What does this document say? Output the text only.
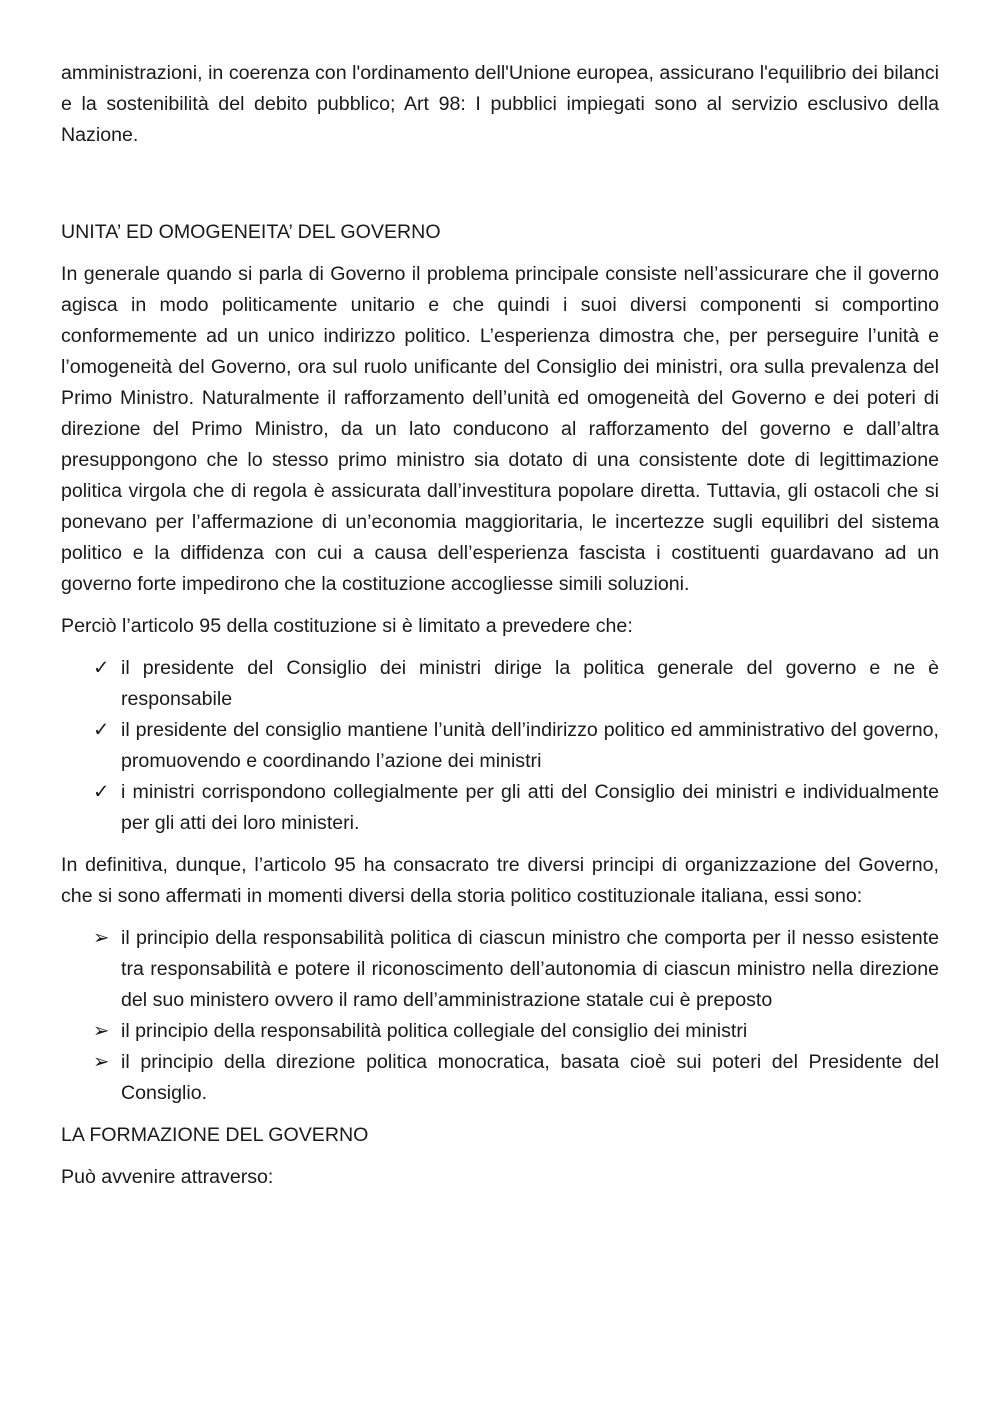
amministrazioni, in coerenza con l'ordinamento dell'Unione europea, assicurano l'equilibrio dei bilanci e la sostenibilità del debito pubblico; Art 98: I pubblici impiegati sono al servizio esclusivo della Nazione.

UNITA’ ED OMOGENEITA’ DEL GOVERNO

In generale quando si parla di Governo il problema principale consiste nell’assicurare che il governo agisca in modo politicamente unitario e che quindi i suoi diversi componenti si comportino conformemente ad un unico indirizzo politico. L’esperienza dimostra che, per perseguire l’unità e l’omogeneità del Governo, ora sul ruolo unificante del Consiglio dei ministri, ora sulla prevalenza del Primo Ministro. Naturalmente il rafforzamento dell’unità ed omogeneità del Governo e dei poteri di direzione del Primo Ministro, da un lato conducono al rafforzamento del governo e dall’altra presuppongono che lo stesso primo ministro sia dotato di una consistente dote di legittimazione politica virgola che di regola è assicurata dall’investitura popolare diretta. Tuttavia, gli ostacoli che si ponevano per l’affermazione di un’economia maggioritaria, le incertezze sugli equilibri del sistema politico e la diffidenza con cui a causa dell’esperienza fascista i costituenti guardavano ad un governo forte impedirono che la costituzione accogliesse simili soluzioni.

Perciò l’articolo 95 della costituzione si è limitato a prevedere che:

✓ il presidente del Consiglio dei ministri dirige la politica generale del governo e ne è responsabile
✓ il presidente del consiglio mantiene l’unità dell’indirizzo politico ed amministrativo del governo, promuovendo e coordinando l’azione dei ministri
✓ i ministri corrispondono collegialmente per gli atti del Consiglio dei ministri e individualmente per gli atti dei loro ministeri.

In definitiva, dunque, l’articolo 95 ha consacrato tre diversi principi di organizzazione del Governo, che si sono affermati in momenti diversi della storia politico costituzionale italiana, essi sono:

➢ il principio della responsabilità politica di ciascun ministro che comporta per il nesso esistente tra responsabilità e potere il riconoscimento dell’autonomia di ciascun ministro nella direzione del suo ministero ovvero il ramo dell’amministrazione statale cui è preposto
➢ il principio della responsabilità politica collegiale del consiglio dei ministri
➢ il principio della direzione politica monocratica, basata cioè sui poteri del Presidente del Consiglio.

LA FORMAZIONE DEL GOVERNO

Può avvenire attraverso:
